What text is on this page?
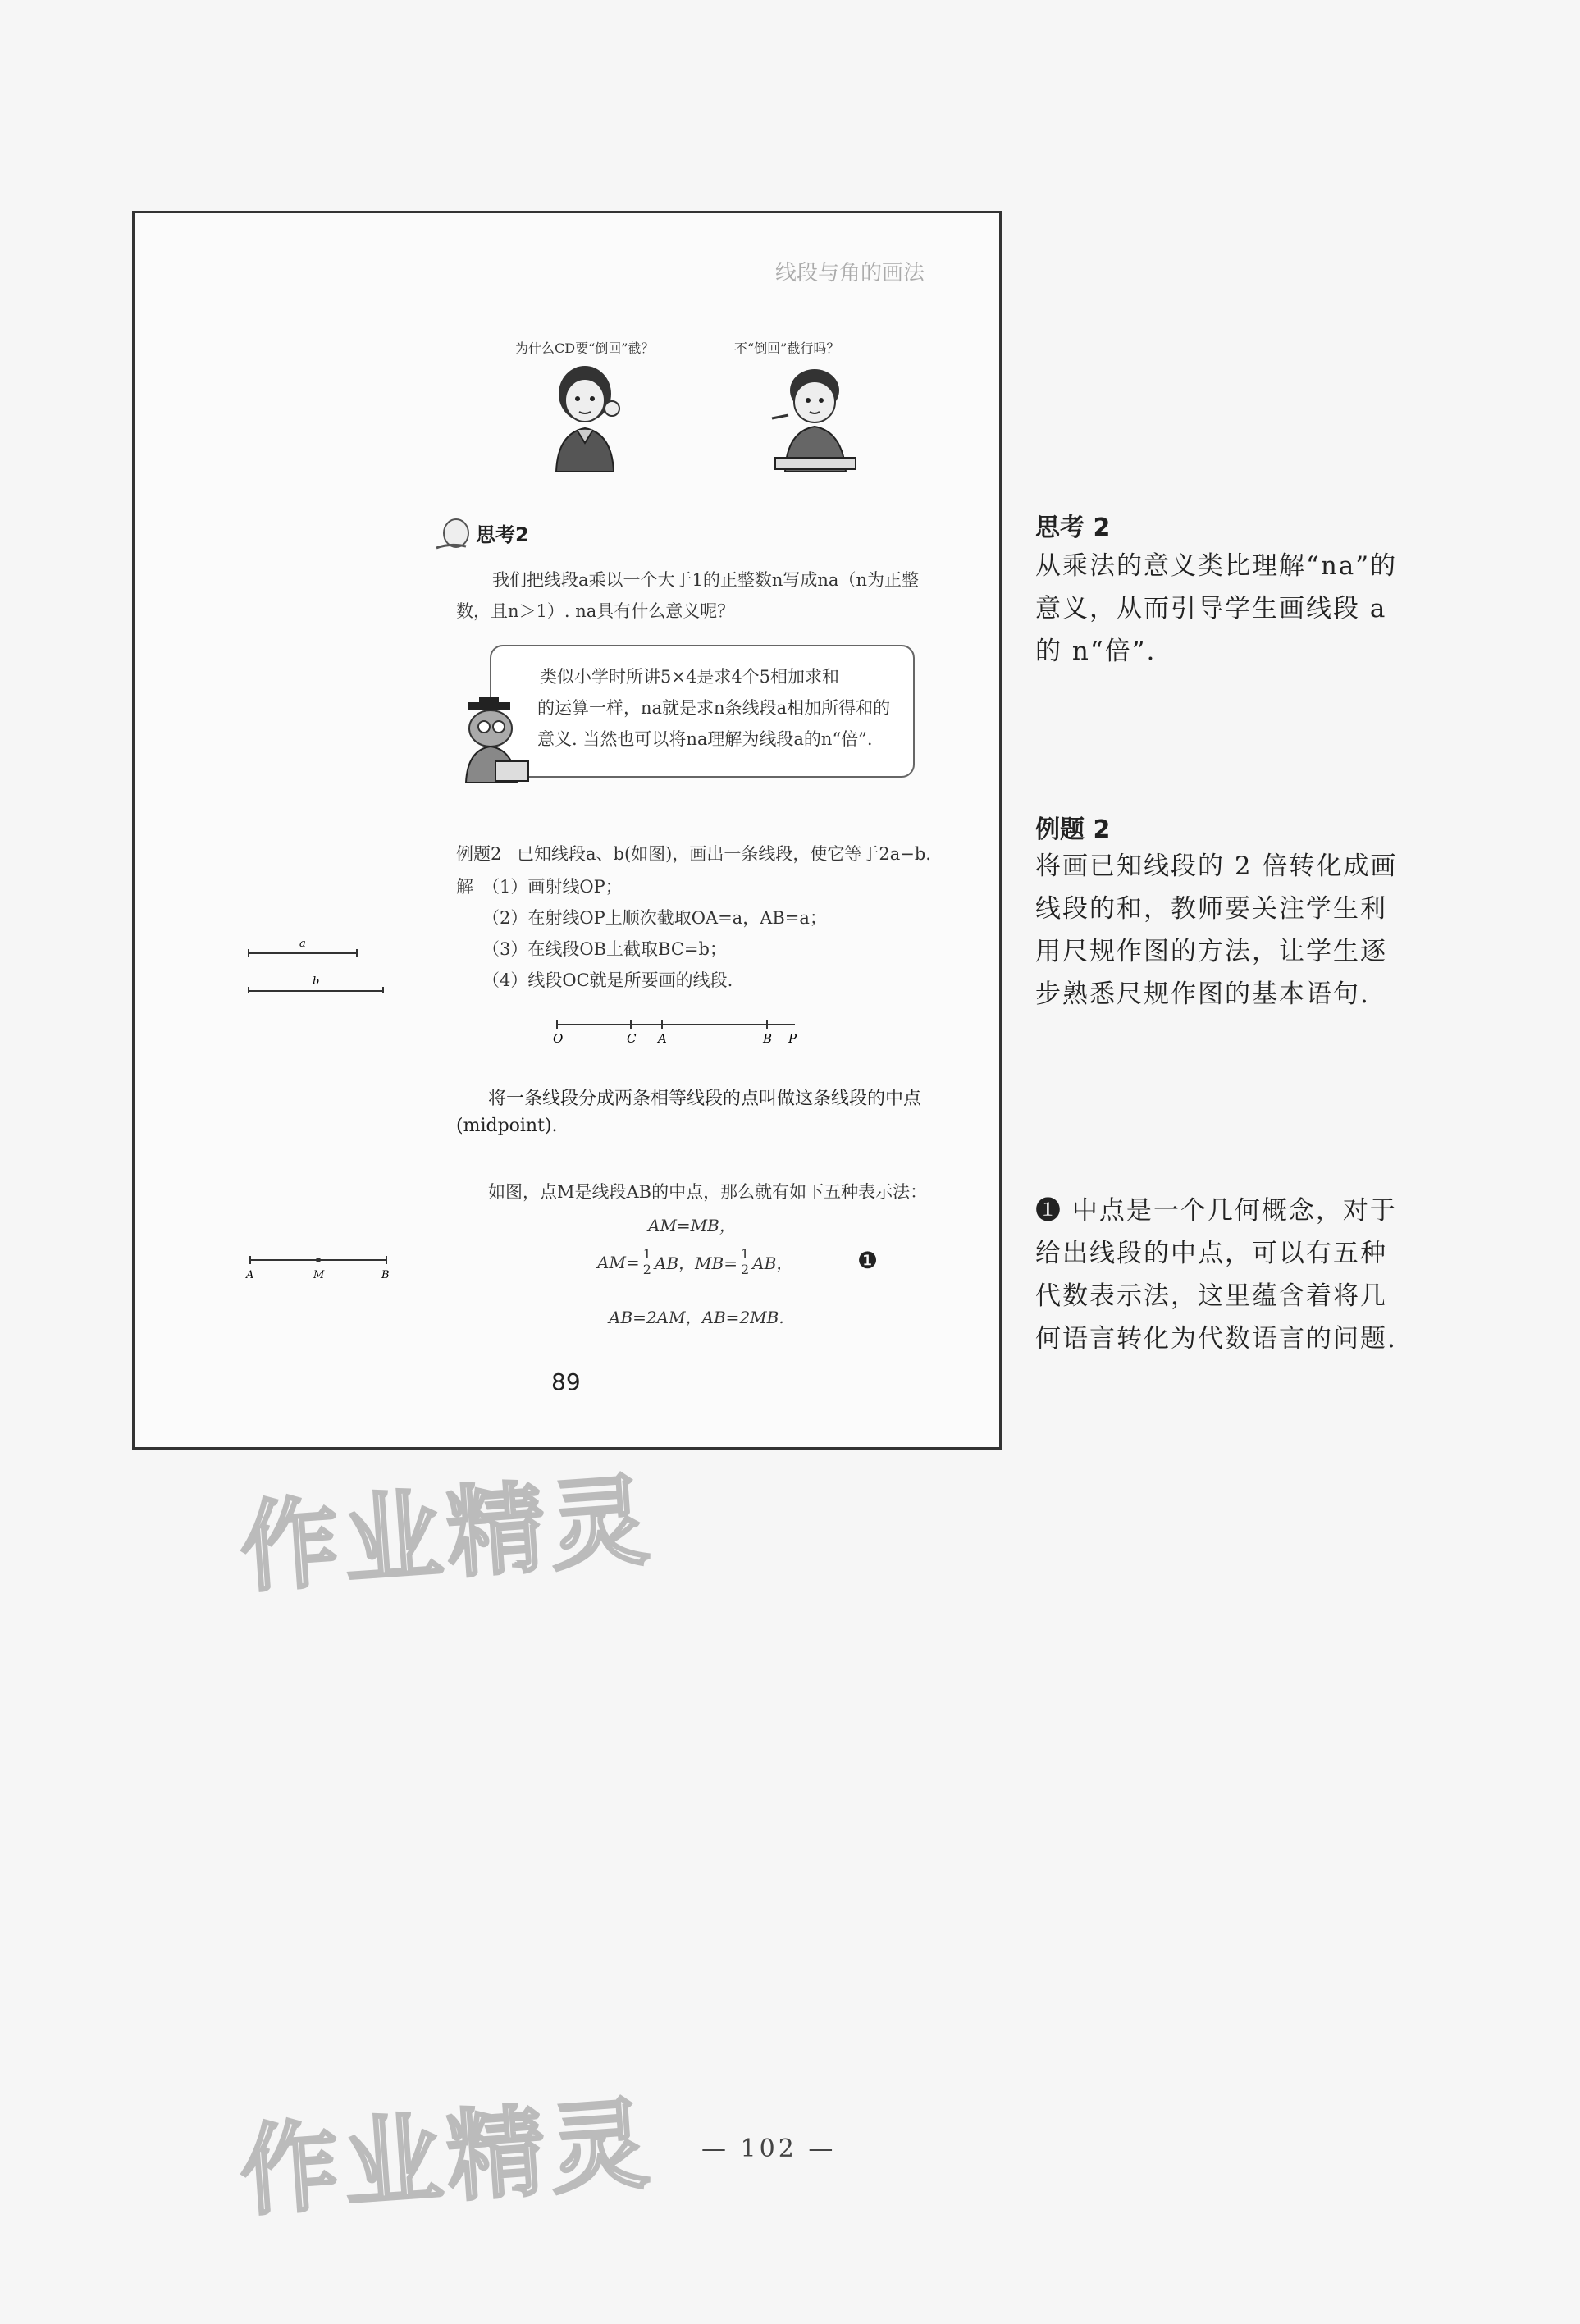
线段与角的画法
为什么CD要“倒回”截？	不“倒回”截行吗？
思考2
我们把线段a乘以一个大于1的正整数n写成na（n为正整
数，且n＞1）. na具有什么意义呢？
类似小学时所讲5×4是求4个5相加求和
的运算一样，na就是求n条线段a相加所得和的
意义. 当然也可以将na理解为线段a的n“倍”.
例题2 已知线段a、b(如图)，画出一条线段，使它等于2a−b.
解 （1）画射线OP；
（2）在射线OP上顺次截取OA=a，AB=a；
（3）在线段OB上截取BC=b；
（4）线段OC就是所要画的线段.
a
b
O	C A	B P
将一条线段分成两条相等线段的点叫做这条线段的中点
(midpoint).
如图，点M是线段AB的中点，那么就有如下五种表示法：
AM=MB，
$AM= \frac{1}{2}$ AB，$MB= \frac{1}{2}$ AB，
AB=2AM，AB=2MB.
❶
A	M	B
89
思考 2
从乘法的意义类比理解“na”的
意义，从而引导学生画线段 a
的 n“倍”.
例题 2
将画已知线段的 2 倍转化成画
线段的和，教师要关注学生利
用尺规作图的方法，让学生逐
步熟悉尺规作图的基本语句.
❶ 中点是一个几何概念，对于
给出线段的中点，可以有五种
代数表示法，这里蕴含着将几
何语言转化为代数语言的问题.
作业精灵
作业精灵 — 102 —
